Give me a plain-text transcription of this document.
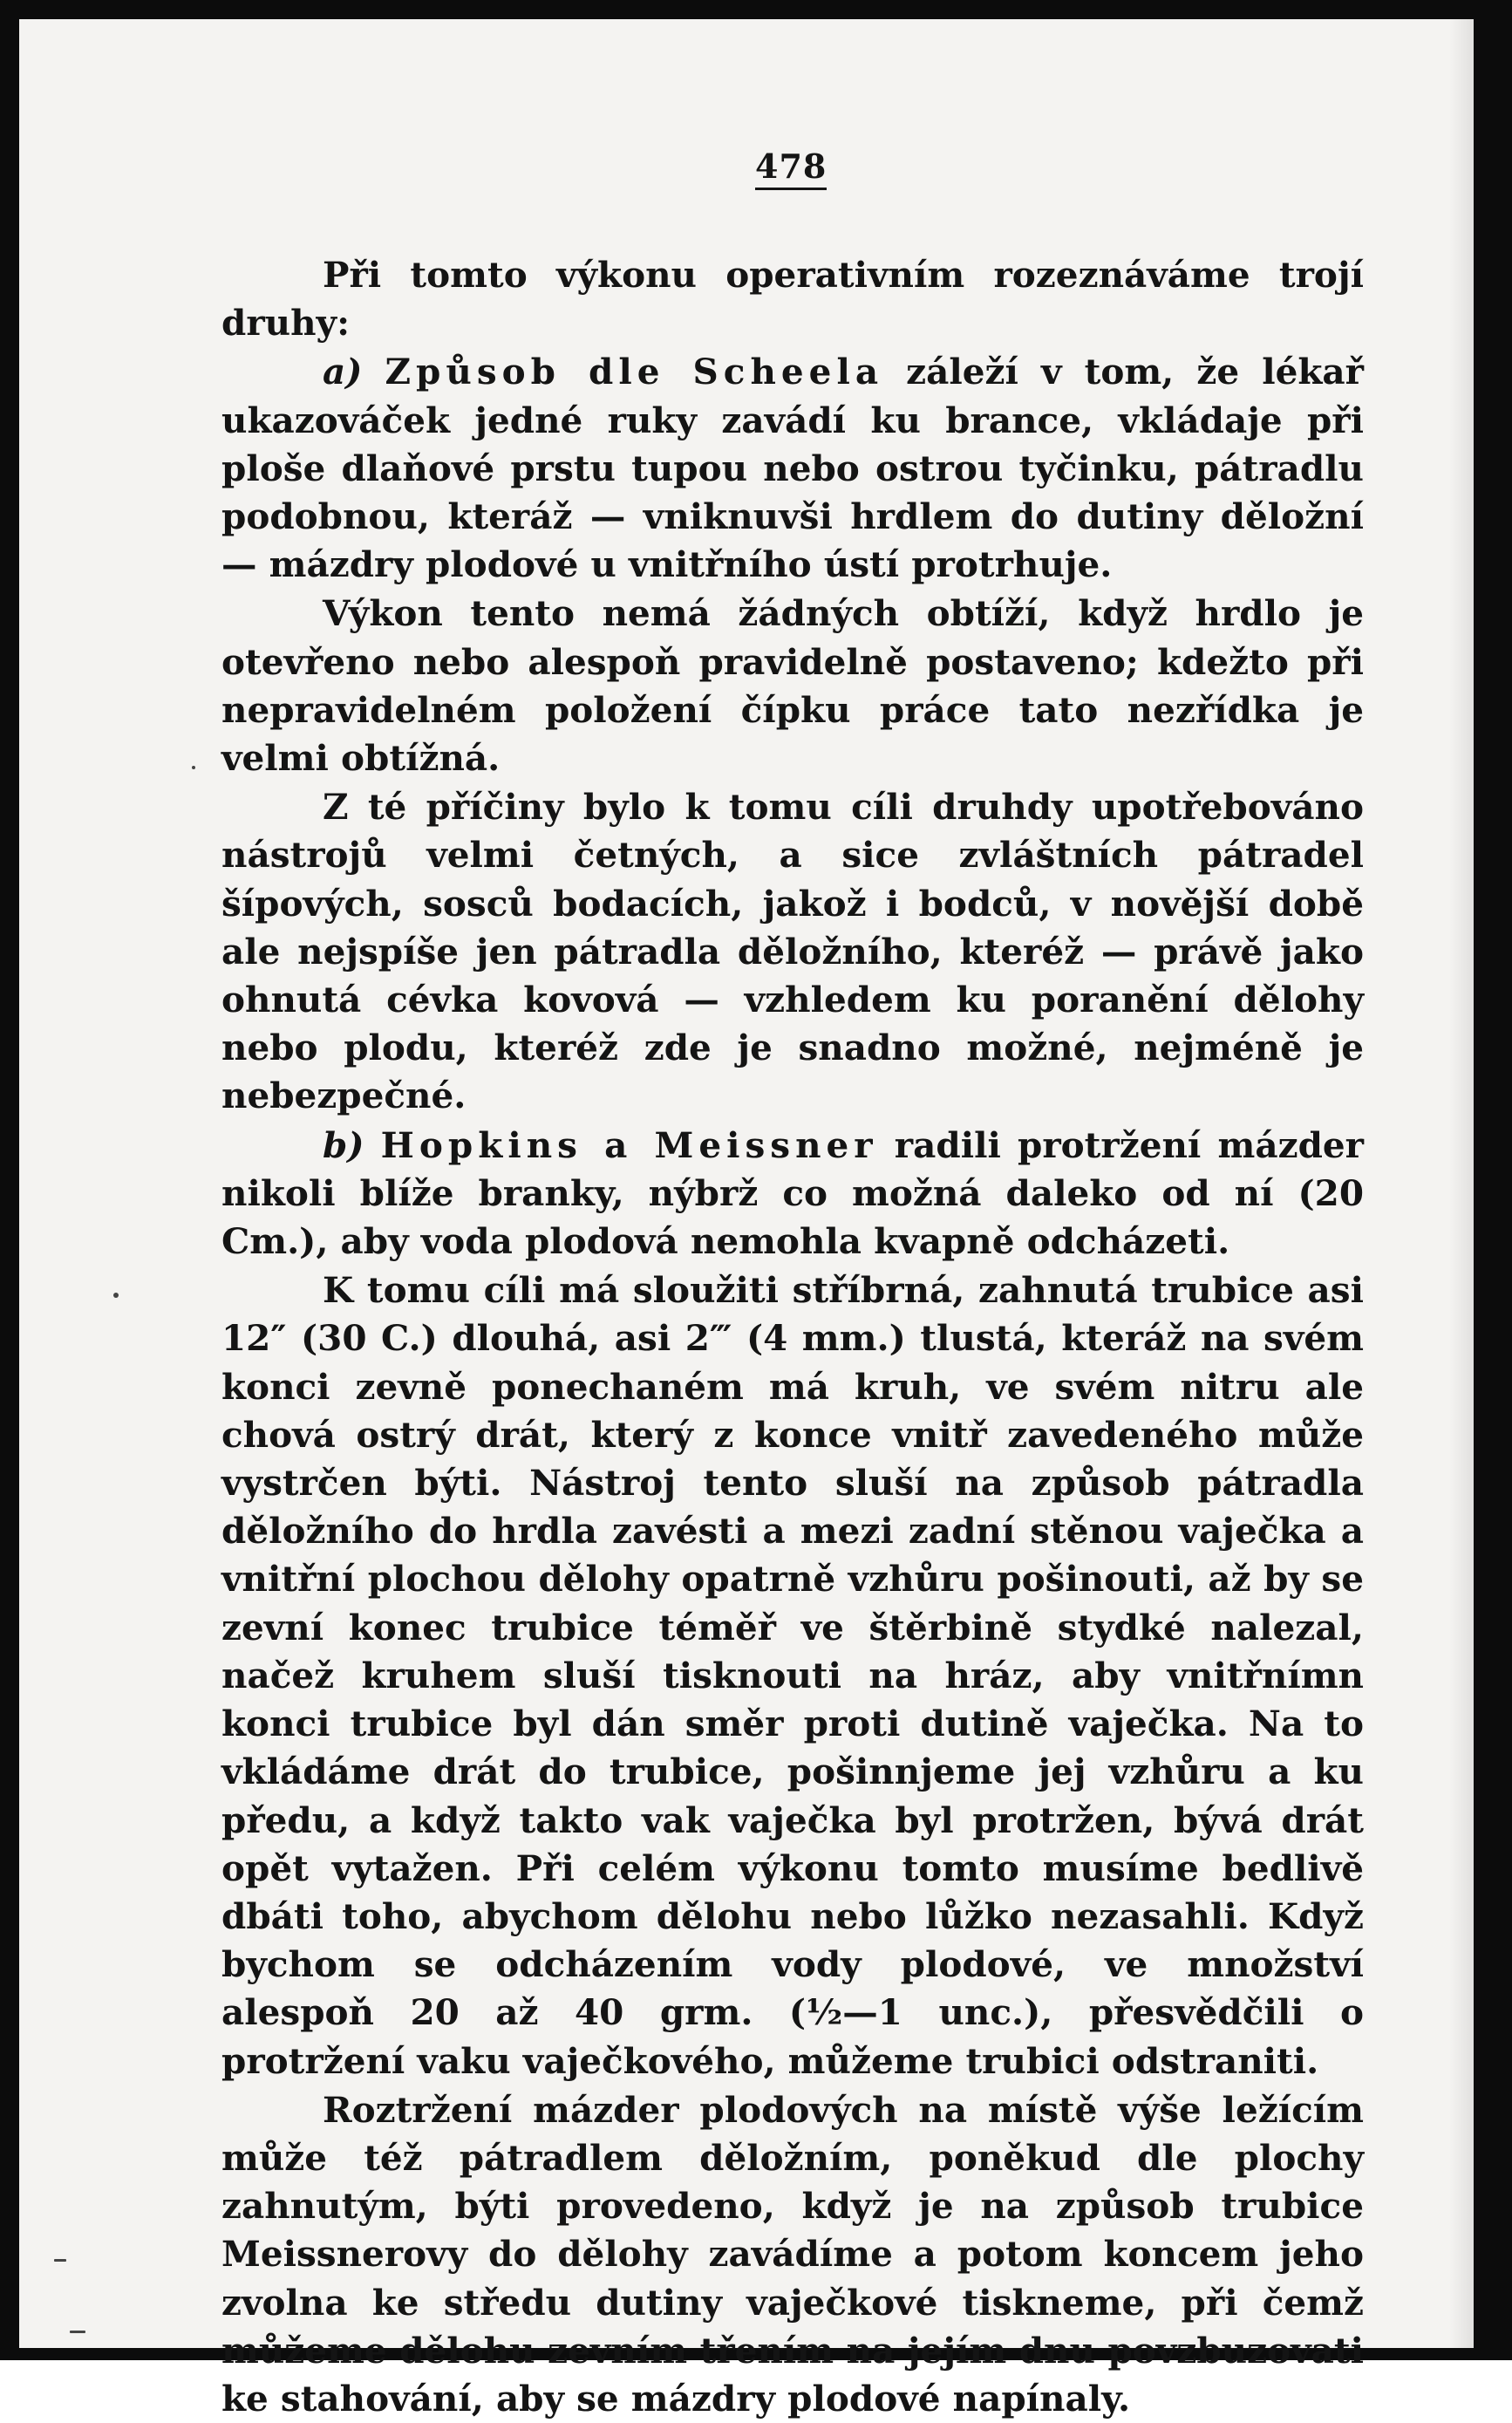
478

Při tomto výkonu operativním rozeznáváme trojí druhy:

a) Způsob dle Scheela záleží v tom, že lékař ukazováček jedné ruky zavádí ku brance, vkládaje při ploše dlaňové prstu tupou nebo ostrou tyčinku, pátradlu podobnou, kteráž — vniknuvši hrdlem do dutiny děložní — mázdry plodové u vnitřního ústí protrhuje.

Výkon tento nemá žádných obtíží, když hrdlo je otevřeno nebo alespoň pravidelně postaveno; kdežto při nepravidelném položení čípku práce tato nezřídka je velmi obtížná.

Z té příčiny bylo k tomu cíli druhdy upotřebováno nástrojů velmi četných, a sice zvláštních pátradel šípových, sosců bodacích, jakož i bodců, v novější době ale nejspíše jen pátradla děložního, kteréž — právě jako ohnutá cévka kovová — vzhledem ku poranění dělohy nebo plodu, kteréž zde je snadno možné, nejméně je nebezpečné.

b) Hopkins a Meissner radili protržení mázder nikoli blíže branky, nýbrž co možná daleko od ní (20 Cm.), aby voda plodová nemohla kvapně odcházeti.

K tomu cíli má sloužiti stříbrná, zahnutá trubice asi 12″ (30 C.) dlouhá, asi 2‴ (4 mm.) tlustá, kteráž na svém konci zevně ponechaném má kruh, ve svém nitru ale chová ostrý drát, který z konce vnitř zavedeného může vystrčen býti. Nástroj tento sluší na způsob pátradla děložního do hrdla zavésti a mezi zadní stěnou vaječka a vnitřní plochou dělohy opatrně vzhůru pošinouti, až by se zevní konec trubice téměř ve štěrbině stydké nalezal, načež kruhem sluší tisknouti na hráz, aby vnitřnímn konci trubice byl dán směr proti dutině vaječka. Na to vkládáme drát do trubice, pošinnjeme jej vzhůru a ku předu, a když takto vak vaječka byl protržen, bývá drát opět vytažen. Při celém výkonu tomto musíme bedlivě dbáti toho, abychom dělohu nebo lůžko nezasahli. Když bychom se odcházením vody plodové, ve množství alespoň 20 až 40 grm. (½—1 unc.), přesvědčili o protržení vaku vaječkového, můžeme trubici odstraniti.

Roztržení mázder plodových na místě výše ležícím může též pátradlem děložním, poněkud dle plochy zahnutým, býti provedeno, když je na způsob trubice Meissnerovy do dělohy zavádíme a potom koncem jeho zvolna ke středu dutiny vaječkové tiskneme, při čemž můžeme dělohu zevním třením na jejím dnu povzbuzovati ke stahování, aby se mázdry plodové napínaly.
